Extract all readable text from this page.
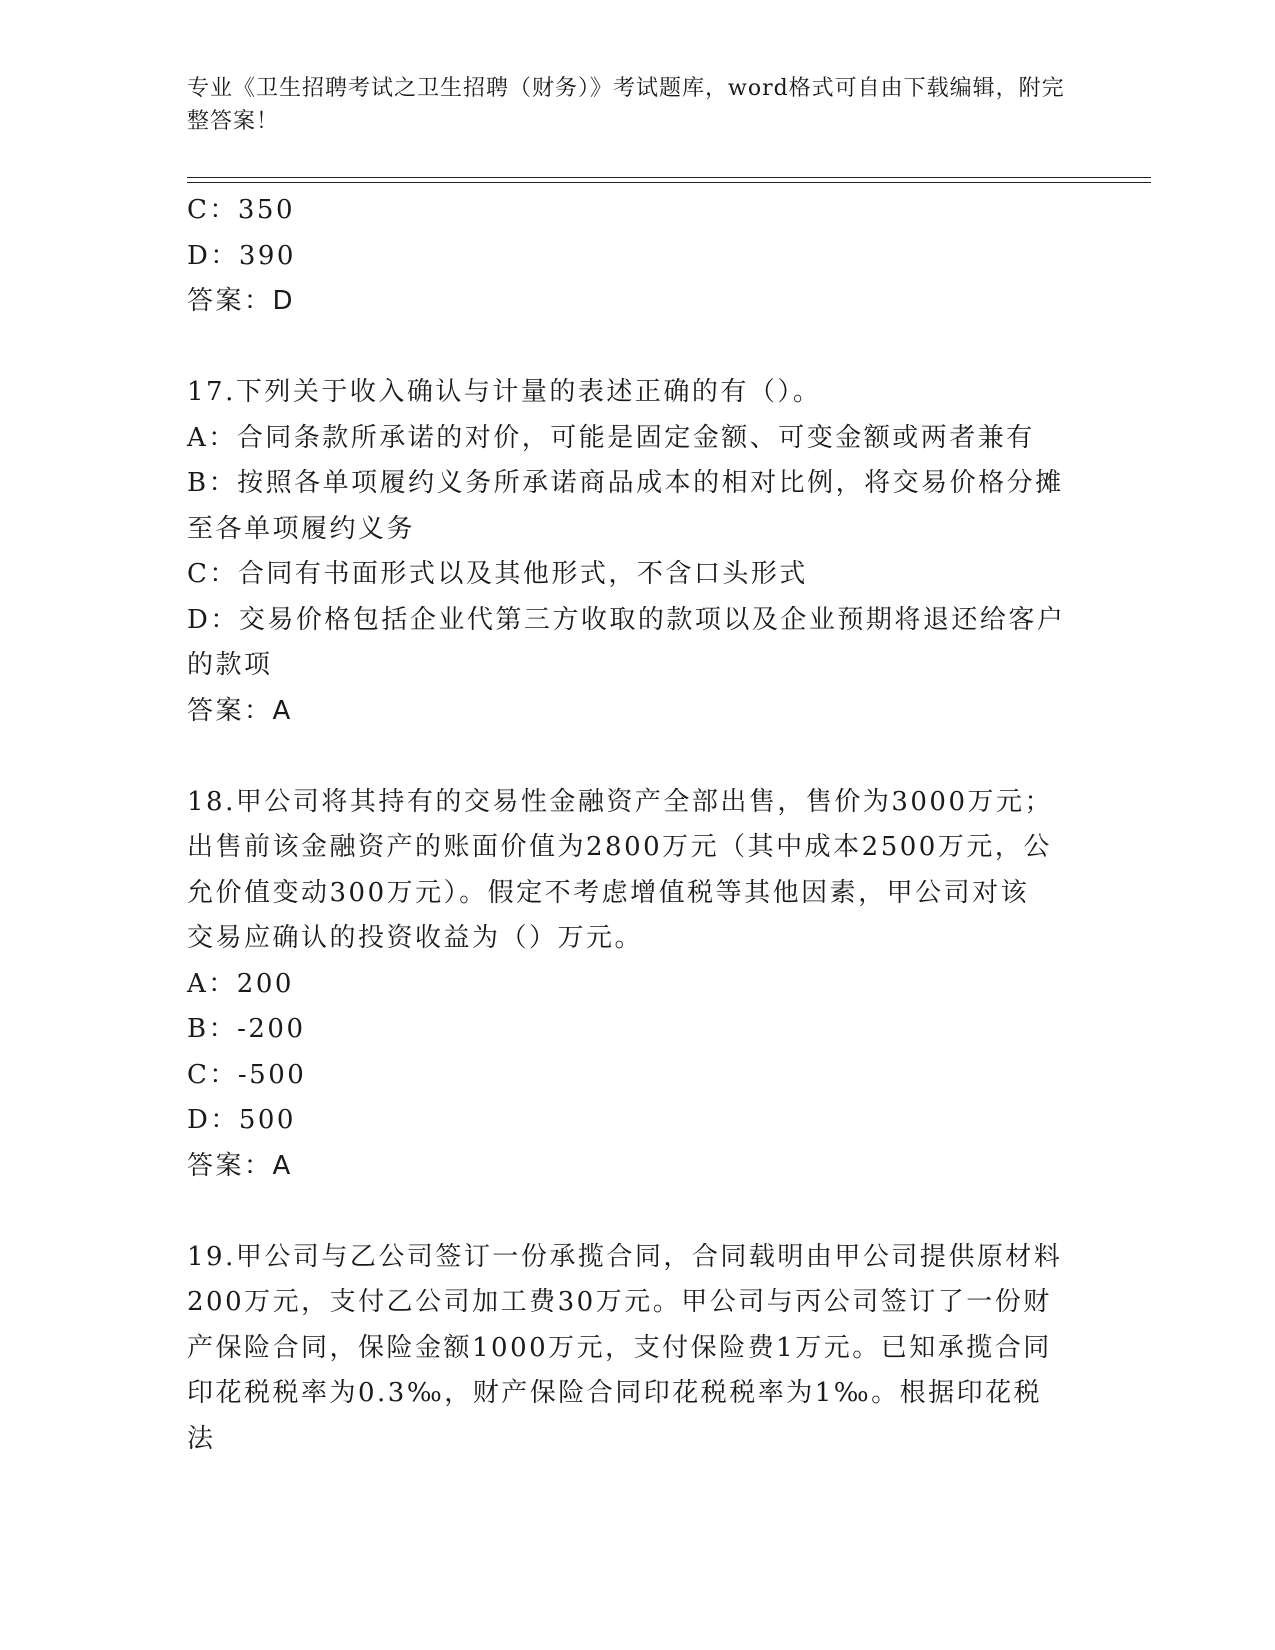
专业《卫生招聘考试之卫生招聘（财务）》考试题库，word格式可自由下载编辑，附完整答案！
C：350
D：390
答案：D
17.下列关于收入确认与计量的表述正确的有（）。
A：合同条款所承诺的对价，可能是固定金额、可变金额或两者兼有
B：按照各单项履约义务所承诺商品成本的相对比例，将交易价格分摊
至各单项履约义务
C：合同有书面形式以及其他形式，不含口头形式
D：交易价格包括企业代第三方收取的款项以及企业预期将退还给客户
的款项
答案：A
18.甲公司将其持有的交易性金融资产全部出售，售价为3000万元；
出售前该金融资产的账面价值为2800万元（其中成本2500万元，公
允价值变动300万元）。假定不考虑增值税等其他因素，甲公司对该
交易应确认的投资收益为（）万元。
A：200
B：-200
C：-500
D：500
答案：A
19.甲公司与乙公司签订一份承揽合同，合同载明由甲公司提供原材料
200万元，支付乙公司加工费30万元。甲公司与丙公司签订了一份财
产保险合同，保险金额1000万元，支付保险费1万元。已知承揽合同
印花税税率为0.3‰，财产保险合同印花税税率为1‰。根据印花税法
